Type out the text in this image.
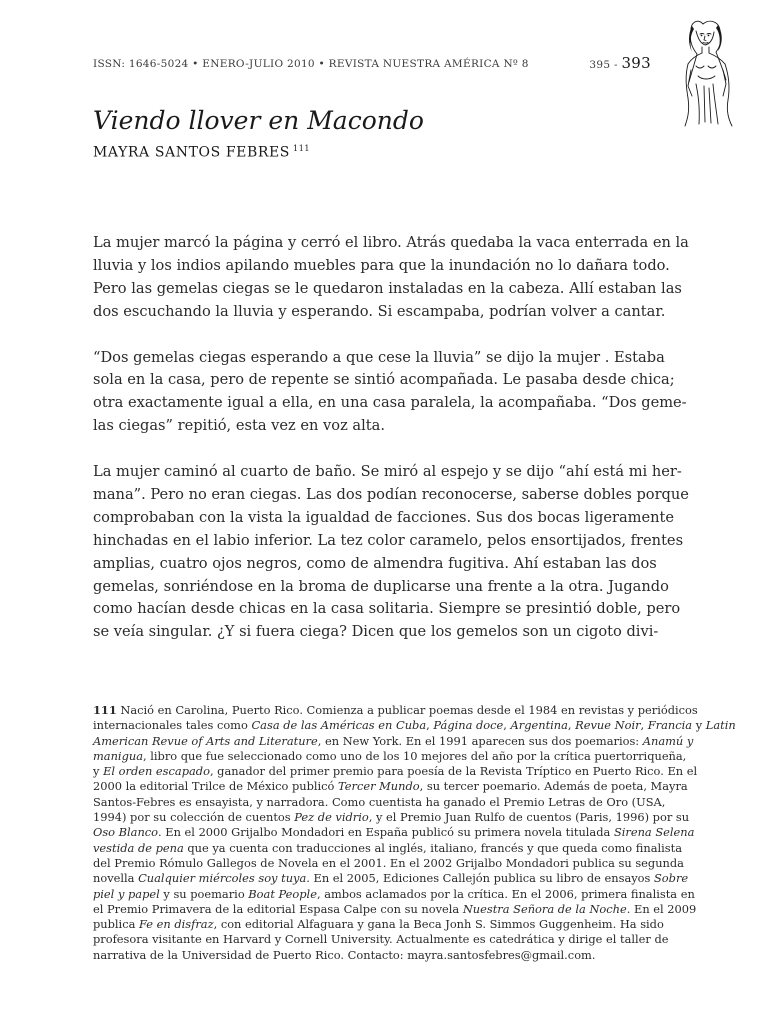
ISSN: 1646-5024 • ENERO-JULIO 2010 • REVISTA NUESTRA AMÉRICA Nº 8	395 - 393
Viendo llover en Macondo
MAYRA SANTOS FEBRES $^{111}$

La mujer marcó la página y cerró el libro. Atrás quedaba la vaca enterrada en la
lluvia y los indios apilando muebles para que la inundación no lo dañara todo.
Pero las gemelas ciegas se le quedaron instaladas en la cabeza. Allí estaban las
dos escuchando la lluvia y esperando. Si escampaba, podrían volver a cantar.

“Dos gemelas ciegas esperando a que cese la lluvia” se dijo la mujer . Estaba
sola en la casa, pero de repente se sintió acompañada. Le pasaba desde chica;
otra exactamente igual a ella, en una casa paralela, la acompañaba. “Dos geme-
las ciegas” repitió, esta vez en voz alta.

La mujer caminó al cuarto de baño. Se miró al espejo y se dijo “ahí está mi her-
mana”. Pero no eran ciegas. Las dos podían reconocerse, saberse dobles porque
comprobaban con la vista la igualdad de facciones. Sus dos bocas ligeramente
hinchadas en el labio inferior. La tez color caramelo, pelos ensortijados, frentes
amplias, cuatro ojos negros, como de almendra fugitiva. Ahí estaban las dos
gemelas, sonriéndose en la broma de duplicarse una frente a la otra. Jugando
como hacían desde chicas en la casa solitaria. Siempre se presintió doble, pero
se veía singular. ¿Y si fuera ciega? Dicen que los gemelos son un cigoto divi-

111 Nació en Carolina, Puerto Rico. Comienza a publicar poemas desde el 1984 en revistas y periódicos
internacionales tales como Casa de las Américas en Cuba, Página doce, Argentina, Revue Noir, Francia y Latin
American Revue of Arts and Literature, en New York. En el 1991 aparecen sus dos poemarios: Anamú y
manigua, libro que fue seleccionado como uno de los 10 mejores del año por la crítica puertorriqueña,
y El orden escapado, ganador del primer premio para poesía de la Revista Tríptico en Puerto Rico. En el
2000 la editorial Trilce de México publicó Tercer Mundo, su tercer poemario. Además de poeta, Mayra
Santos-Febres es ensayista, y narradora. Como cuentista ha ganado el Premio Letras de Oro (USA,
1994) por su colección de cuentos Pez de vidrio, y el Premio Juan Rulfo de cuentos (Paris, 1996) por su
Oso Blanco. En el 2000 Grijalbo Mondadori en España publicó su primera novela titulada Sirena Selena
vestida de pena que ya cuenta con traducciones al inglés, italiano, francés y que queda como finalista
del Premio Rómulo Gallegos de Novela en el 2001. En el 2002 Grijalbo Mondadori publica su segunda
novella Cualquier miércoles soy tuya. En el 2005, Ediciones Callejón publica su libro de ensayos Sobre
piel y papel y su poemario Boat People, ambos aclamados por la crítica. En el 2006, primera finalista en
el Premio Primavera de la editorial Espasa Calpe con su novela Nuestra Señora de la Noche. En el 2009
publica Fe en disfraz, con editorial Alfaguara y gana la Beca Jonh S. Simmos Guggenheim. Ha sido
profesora visitante en Harvard y Cornell University. Actualmente es catedrática y dirige el taller de
narrativa de la Universidad de Puerto Rico. Contacto: mayra.santosfebres@gmail.com.
